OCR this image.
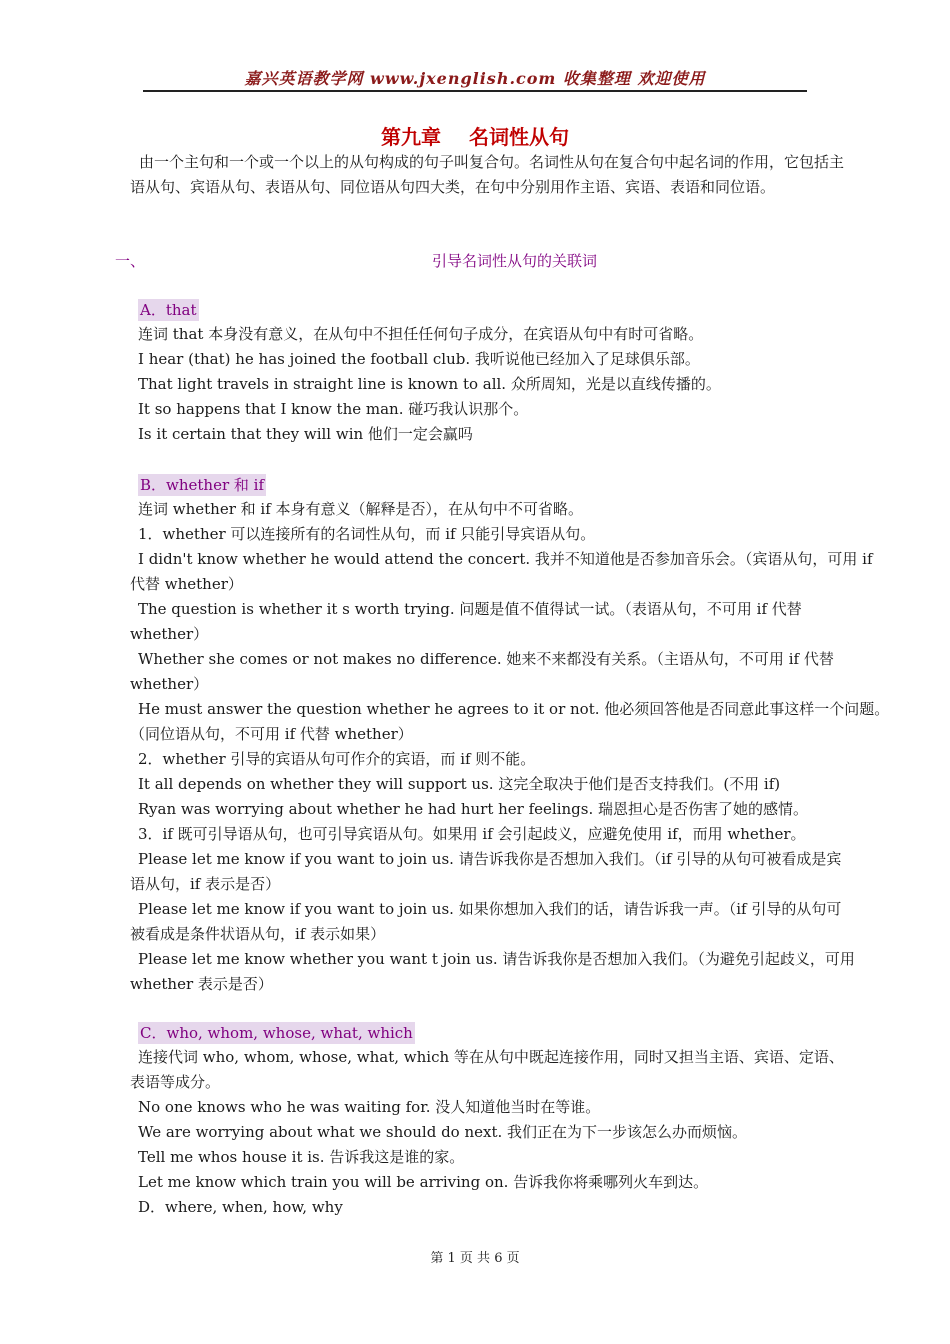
嘉兴英语教学网 www.jxenglish.com 收集整理 欢迎使用
第九章 名词性从句
由一个主句和一个或一个以上的从句构成的句子叫复合句。名词性从句在复合句中起名词的作用，它包括主语从句、宾语从句、表语从句、同位语从句四大类，在句中分别用作主语、宾语、表语和同位语。
一、	引导名词性从句的关联词
A．that
连词 that 本身没有意义，在从句中不担任任何句子成分，在宾语从句中有时可省略。
I hear (that) he has joined the football club. 我听说他已经加入了足球俱乐部。
That light travels in straight line is known to all. 众所周知，光是以直线传播的。
It so happens that I know the man. 碰巧我认识那个。
Is it certain that they will win 他们一定会赢吗
B．whether 和 if
连词 whether 和 if 本身有意义（解释是否），在从句中不可省略。
1．whether 可以连接所有的名词性从句，而 if 只能引导宾语从句。
I didn't know whether he would attend the concert. 我并不知道他是否参加音乐会。（宾语从句，可用 if
代替 whether）
The question is whether it s worth trying. 问题是值不值得试一试。（表语从句，不可用 if 代替
whether）
Whether she comes or not makes no difference. 她来不来都没有关系。（主语从句，不可用 if 代替
whether）
He must answer the question whether he agrees to it or not. 他必须回答他是否同意此事这样一个问题。
（同位语从句，不可用 if 代替 whether）
2．whether 引导的宾语从句可作介的宾语，而 if 则不能。
It all depends on whether they will support us. 这完全取决于他们是否支持我们。(不用 if)
Ryan was worrying about whether he had hurt her feelings. 瑞恩担心是否伤害了她的感情。
3．if 既可引导语从句，也可引导宾语从句。如果用 if 会引起歧义，应避免使用 if，而用 whether。
Please let me know if you want to join us. 请告诉我你是否想加入我们。（if 引导的从句可被看成是宾
语从句，if 表示是否）
Please let me know if you want to join us. 如果你想加入我们的话，请告诉我一声。（if 引导的从句可
被看成是条件状语从句，if 表示如果）
Please let me know whether you want t join us. 请告诉我你是否想加入我们。（为避免引起歧义，可用
whether 表示是否）
C．who, whom, whose, what, which
连接代词 who, whom, whose, what, which 等在从句中既起连接作用，同时又担当主语、宾语、定语、
表语等成分。
No one knows who he was waiting for. 没人知道他当时在等谁。
We are worrying about what we should do next. 我们正在为下一步该怎么办而烦恼。
Tell me whos house it is. 告诉我这是谁的家。
Let me know which train you will be arriving on. 告诉我你将乘哪列火车到达。
D．where, when, how, why
第 1 页 共 6 页
